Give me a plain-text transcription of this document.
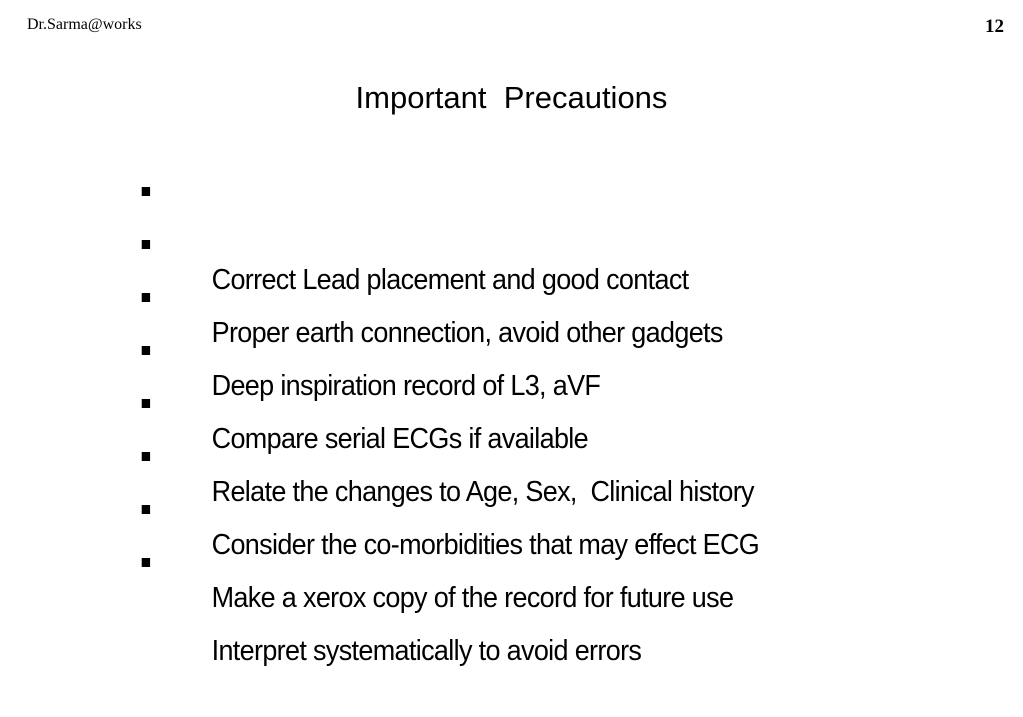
Dr.Sarma@works	12
Important  Precautions

Correct Lead placement and good contact

Proper earth connection, avoid other gadgets

Deep inspiration record of L3, aVF

Compare serial ECGs if available

Relate the changes to Age, Sex,  Clinical history

Consider the co-morbidities that may effect ECG

Make a xerox copy of the record for future use

Interpret systematically to avoid errors
